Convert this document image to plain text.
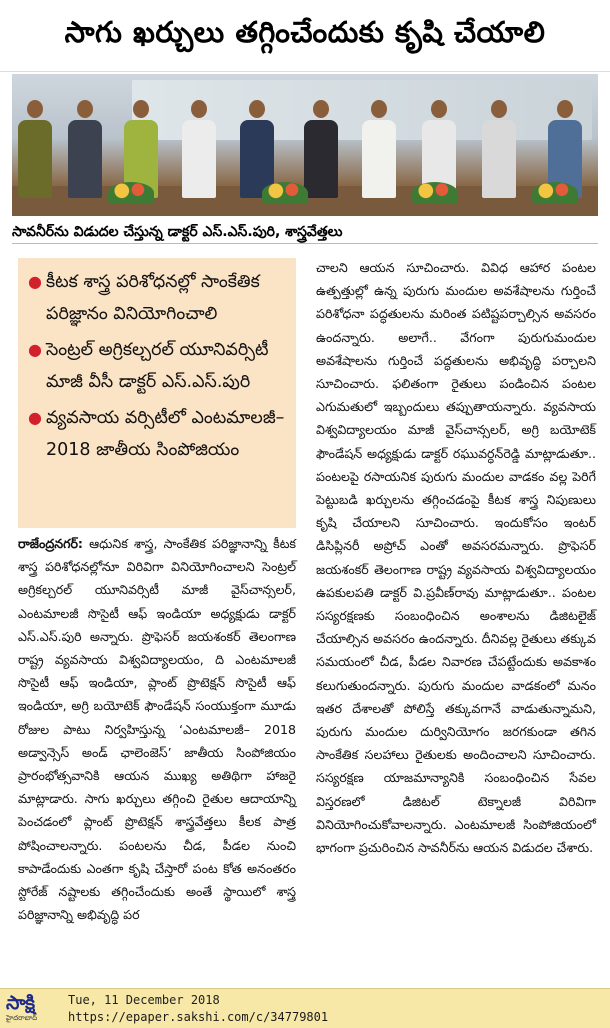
సాగు ఖర్చులు తగ్గించేందుకు కృషి చేయాలి
సావనీర్‌ను విడుదల చేస్తున్న డాక్టర్ ఎస్.ఎస్.పురి, శాస్త్రవేత్తలు
● కీటక శాస్త్ర పరిశోధనల్లో సాంకేతిక పరిజ్ఞానం వినియోగించాలి
● సెంట్రల్ అగ్రికల్చరల్ యూనివర్సిటీ మాజీ వీసీ డాక్టర్ ఎస్.ఎస్.పురి
● వ్యవసాయ వర్సిటీలో ఎంటమాలజీ–2018 జాతీయ సింపోజియం

రాజేంద్రనగర్: ఆధునిక శాస్త్ర, సాంకేతిక పరిజ్ఞానాన్ని కీటక శాస్త్ర పరిశోధనల్లోనూ విరివిగా వినియోగించాలని సెంట్రల్ అగ్రికల్చరల్ యూనివర్సిటీ మాజీ వైస్‌చాన్సలర్, ఎంటమాలజీ సొసైటీ ఆఫ్ ఇండియా అధ్యక్షుడు డాక్టర్ ఎస్.ఎస్.పురి అన్నారు. ప్రొఫెసర్ జయశంకర్ తెలంగాణ రాష్ట్ర వ్యవసాయ విశ్వవిద్యాలయం, ది ఎంటమాలజీ సొసైటీ ఆఫ్ ఇండియా, ప్లాంట్ ప్రొటెక్షన్ సొసైటీ ఆఫ్ ఇండియా, అగ్రి బయోటెక్ ఫౌండేషన్ సంయుక్తంగా మూడు రోజుల పాటు నిర్వహిస్తున్న ‘ఎంటమాలజీ– 2018 అడ్వాన్సెస్ అండ్ ఛాలెంజెస్’ జాతీయ సింపోజియం ప్రారంభోత్సవానికి ఆయన ముఖ్య అతిథిగా హాజరై మాట్లాడారు. సాగు ఖర్చులు తగ్గించి రైతుల ఆదాయాన్ని పెంచడంలో ప్లాంట్ ప్రొటెక్షన్ శాస్త్రవేత్తలు కీలక పాత్ర పోషించాలన్నారు. పంటలను చీడ, పీడల నుంచి కాపాడేందుకు ఎంతగా కృషి చేస్తారో పంట కోత అనంతరం స్టోరేజ్ నష్టాలకు తగ్గించేందుకు అంతే స్థాయిలో శాస్త్ర పరిజ్ఞానాన్ని అభివృద్ధి పర

చాలని ఆయన సూచించారు. వివిధ ఆహార పంటల ఉత్పత్తుల్లో ఉన్న పురుగు మందుల అవశేషాలను గుర్తించే పరిశోధనా పద్ధతులను మరింత పటిష్టపర్చాల్సిన అవసరం ఉందన్నారు. అలాగే.. వేగంగా పురుగుమందుల అవశేషాలను గుర్తించే పద్ధతులను అభివృద్ధి పర్చాలని సూచించారు. ఫలితంగా రైతులు పండించిన పంటల ఎగుమతులో ఇబ్బందులు తప్పుతాయన్నారు. వ్యవసాయ విశ్వవిద్యాలయం మాజీ వైస్‌చాన్సలర్, అగ్రి బయోటెక్ ఫౌండేషన్ అధ్యక్షుడు డాక్టర్ రఘువర్ధన్‌రెడ్డి మాట్లాడుతూ.. పంటలపై రసాయనిక పురుగు మందుల వాడకం వల్ల పెరిగే పెట్టుబడి ఖర్చులను తగ్గించడంపై కీటక శాస్త్ర నిపుణులు కృషి చేయాలని సూచించారు. ఇందుకోసం ఇంటర్ డిసిప్లినరీ అప్రోచ్ ఎంతో అవసరమన్నారు. ప్రొఫెసర్ జయశంకర్ తెలంగాణ రాష్ట్ర వ్యవసాయ విశ్వవిద్యాలయం ఉపకులపతి డాక్టర్ వి.ప్రవీణ్‌రావు మాట్లాడుతూ.. పంటల సస్యరక్షణకు సంబంధించిన అంశాలను డిజిటలైజ్ చేయాల్సిన అవసరం ఉందన్నారు. దీనివల్ల రైతులు తక్కువ సమయంలో చీడ, పీడల నివారణ చేపట్టేందుకు అవకాశం కలుగుతుందన్నారు. పురుగు మందుల వాడకంలో మనం ఇతర దేశాలతో పోలిస్తే తక్కువగానే వాడుతున్నామని, పురుగు మందుల దుర్వినియోగం జరగకుండా తగిన సాంకేతిక సలహాలు రైతులకు అందించాలని సూచించారు. సస్యరక్షణ యాజమాన్యానికి సంబంధించిన సేవల విస్తరణలో డిజిటల్ టెక్నాలజీ విరివిగా వినియోగించుకోవాలన్నారు. ఎంటమాలజీ సింపోజియంలో భాగంగా ప్రచురించిన సావనీర్‌ను ఆయన విడుదల చేశారు.

సాక్షి
హైదరాబాద్
Tue, 11 December 2018
https://epaper.sakshi.com/c/34779801
